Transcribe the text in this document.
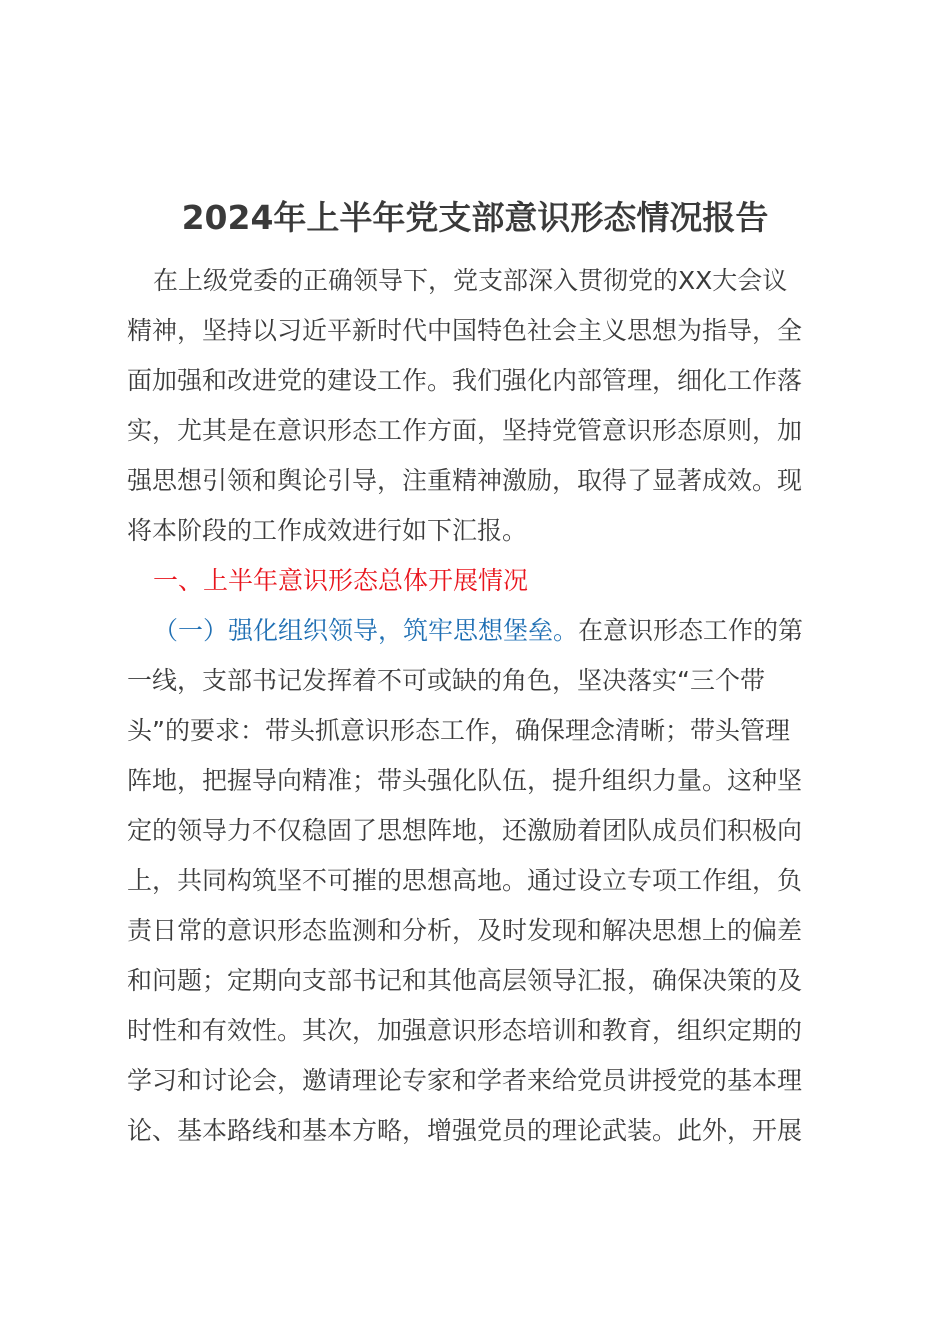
2024年上半年党支部意识形态情况报告
在上级党委的正确领导下，党支部深入贯彻党的XX大会议
精神，坚持以习近平新时代中国特色社会主义思想为指导，全
面加强和改进党的建设工作。我们强化内部管理，细化工作落
实，尤其是在意识形态工作方面，坚持党管意识形态原则，加
强思想引领和舆论引导，注重精神激励，取得了显著成效。现
将本阶段的工作成效进行如下汇报。
一、上半年意识形态总体开展情况
（一）强化组织领导，筑牢思想堡垒。在意识形态工作的第
一线，支部书记发挥着不可或缺的角色，坚决落实“三个带
头”的要求：带头抓意识形态工作，确保理念清晰；带头管理
阵地，把握导向精准；带头强化队伍，提升组织力量。这种坚
定的领导力不仅稳固了思想阵地，还激励着团队成员们积极向
上，共同构筑坚不可摧的思想高地。通过设立专项工作组，负
责日常的意识形态监测和分析，及时发现和解决思想上的偏差
和问题；定期向支部书记和其他高层领导汇报，确保决策的及
时性和有效性。其次，加强意识形态培训和教育，组织定期的
学习和讨论会，邀请理论专家和学者来给党员讲授党的基本理
论、基本路线和基本方略，增强党员的理论武装。此外，开展
